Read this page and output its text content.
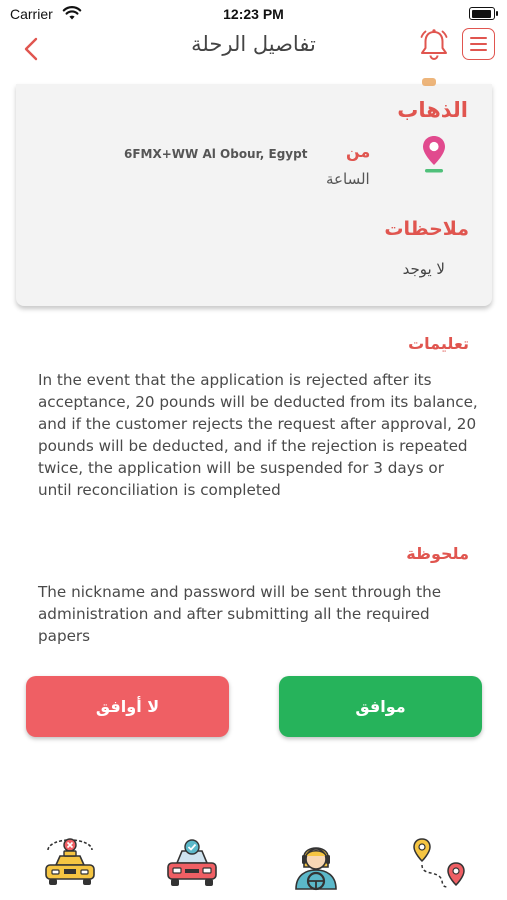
Carrier	12:23 PM
تفاصيل الرحلة
الذهاب
من
6FMX+WW Al Obour, Egypt
الساعة
ملاحظات
لا يوجد
تعليمات
In the event that the application is rejected after its acceptance, 20 pounds will be deducted from its balance, and if the customer rejects the request after approval, 20 pounds will be deducted, and if the rejection is repeated twice, the application will be suspended for 3 days or until reconciliation is completed
ملحوظة
The nickname and password will be sent through the administration and after submitting all the required papers
لا أوافق	موافق
